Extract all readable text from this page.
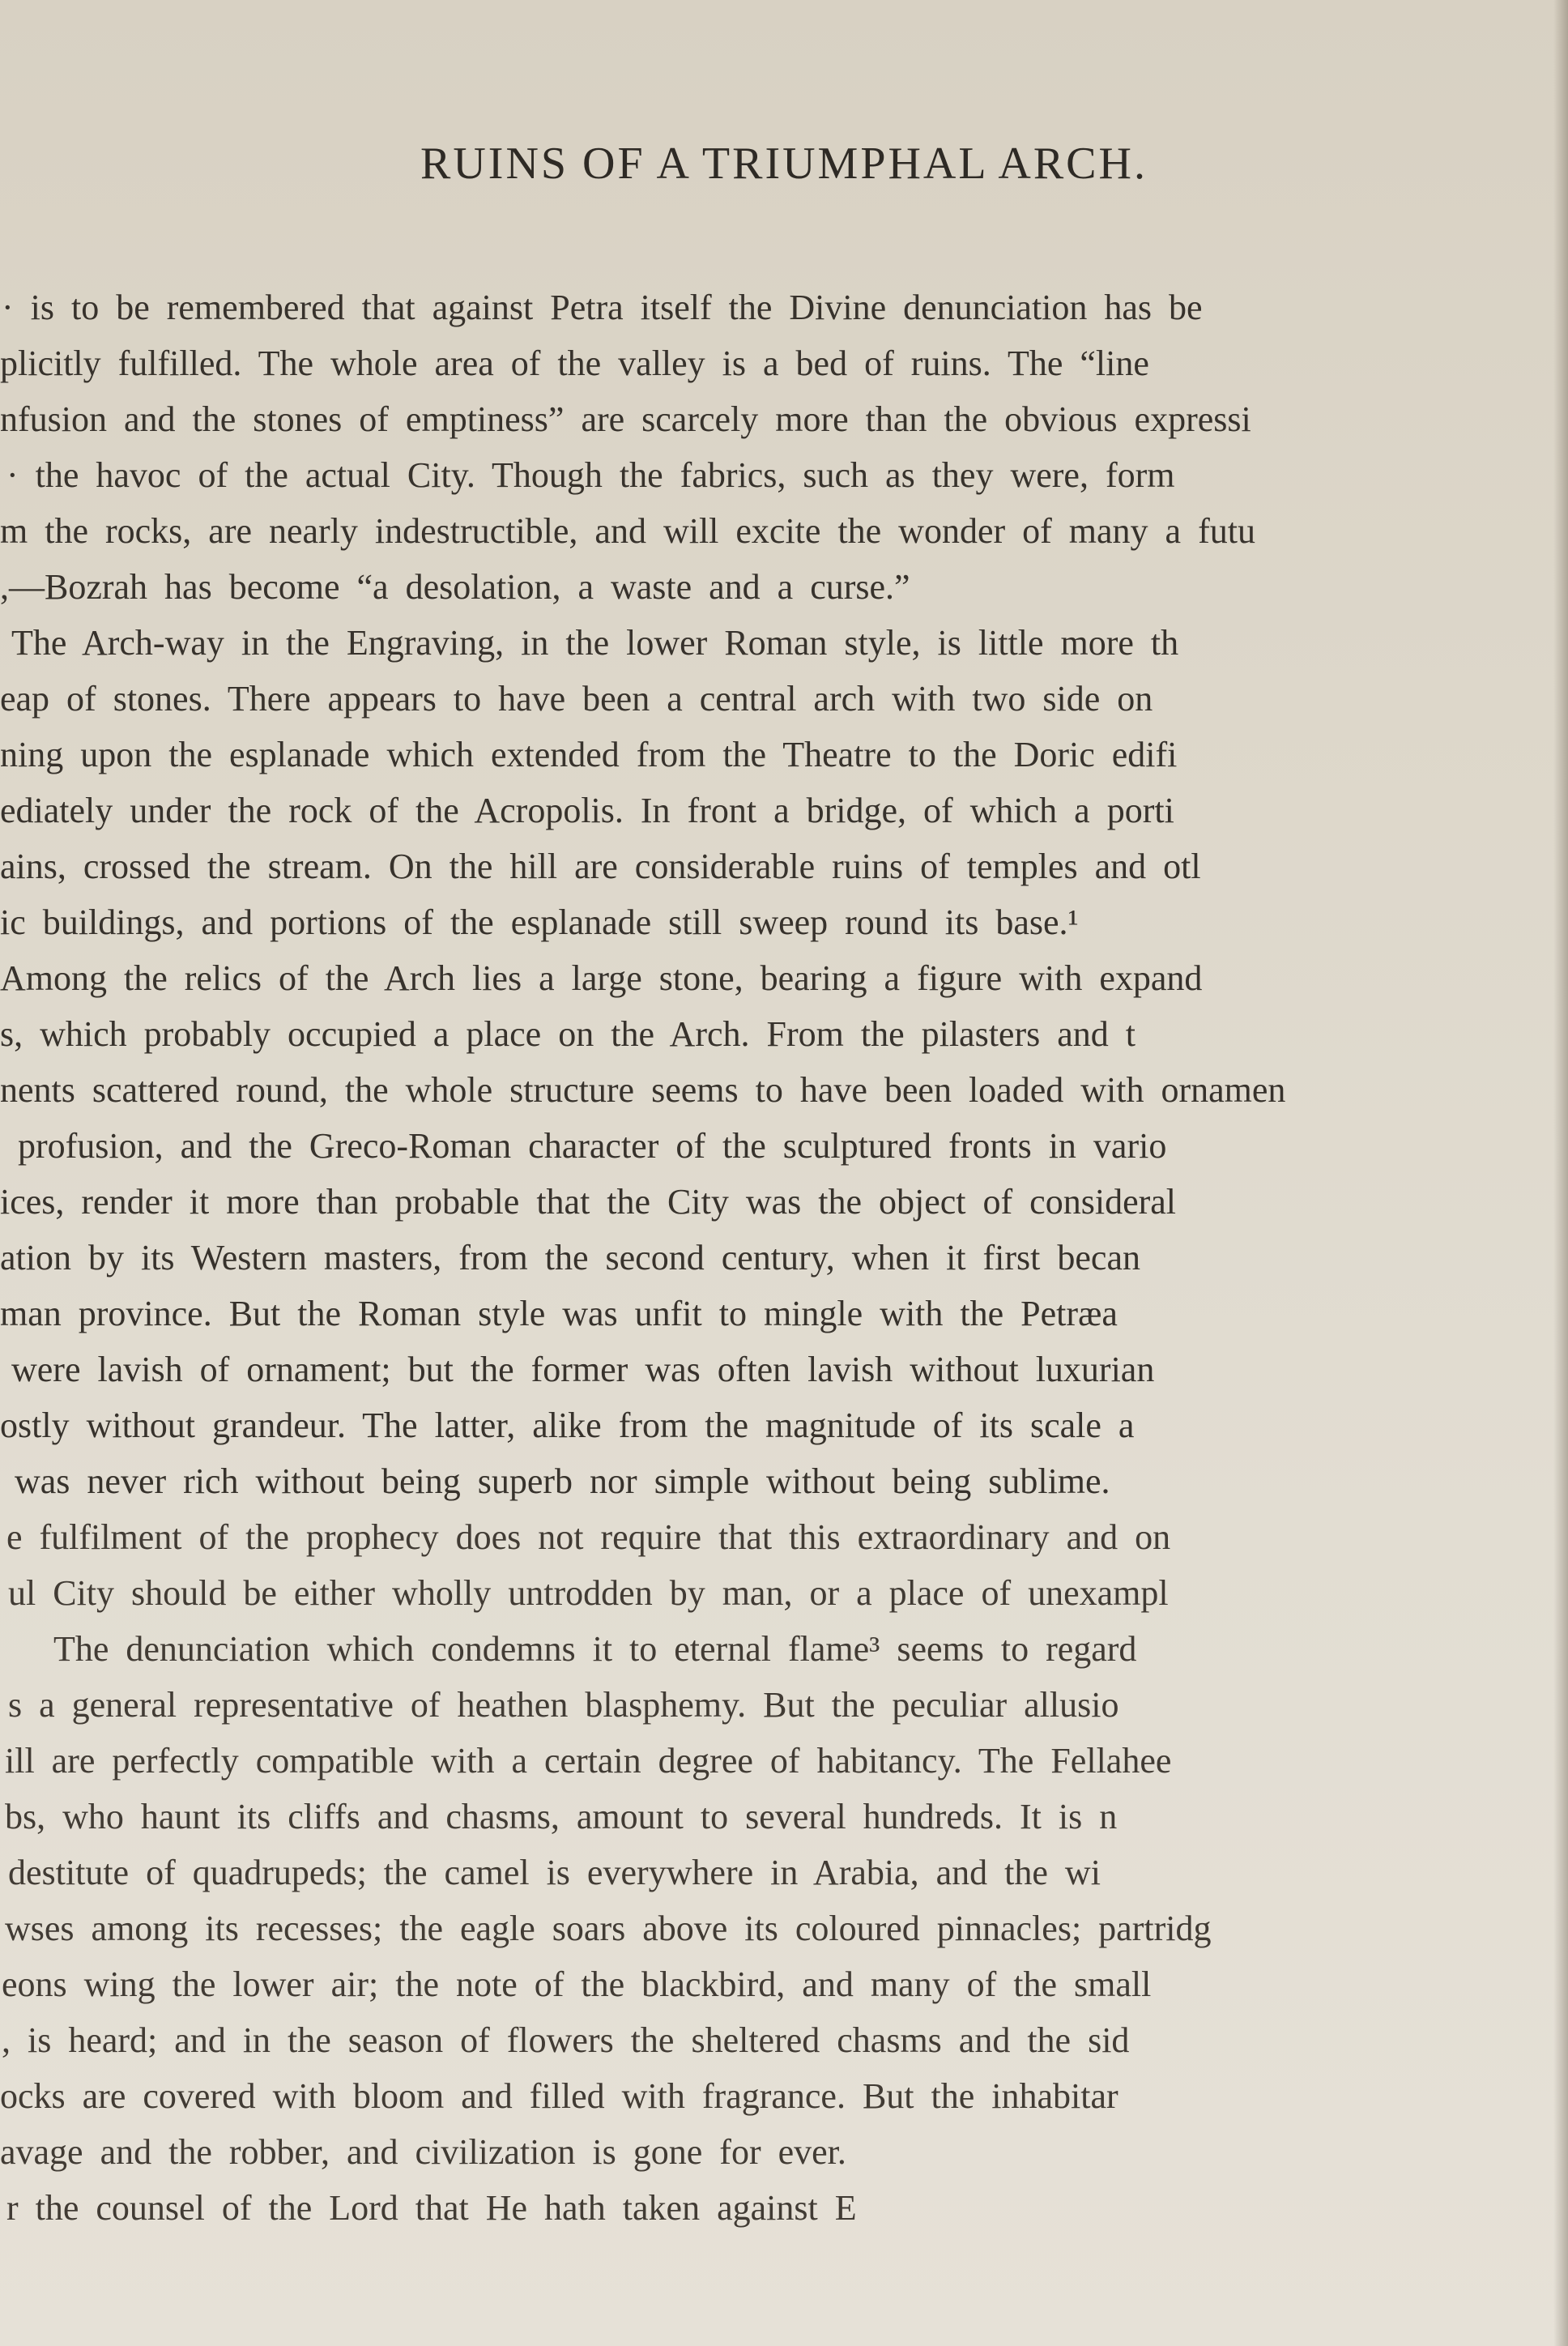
RUINS OF A TRIUMPHAL ARCH.
· is to be remembered that against Petra itself the Divine denunciation has be
plicitly fulfilled. The whole area of the valley is a bed of ruins. The “line
nfusion and the stones of emptiness” are scarcely more than the obvious expressi
· the havoc of the actual City. Though the fabrics, such as they were, form
m the rocks, are nearly indestructible, and will excite the wonder of many a futu
,—Bozrah has become “a desolation, a waste and a curse.”
The Arch-way in the Engraving, in the lower Roman style, is little more th
eap of stones. There appears to have been a central arch with two side on
ning upon the esplanade which extended from the Theatre to the Doric edifi
ediately under the rock of the Acropolis. In front a bridge, of which a porti
ains, crossed the stream. On the hill are considerable ruins of temples and otl
ic buildings, and portions of the esplanade still sweep round its base.¹
Among the relics of the Arch lies a large stone, bearing a figure with expand
s, which probably occupied a place on the Arch. From the pilasters and t
nents scattered round, the whole structure seems to have been loaded with ornamen
profusion, and the Greco-Roman character of the sculptured fronts in vario
ices, render it more than probable that the City was the object of consideral
ation by its Western masters, from the second century, when it first becan
man province. But the Roman style was unfit to mingle with the Petræa
were lavish of ornament; but the former was often lavish without luxurian
ostly without grandeur. The latter, alike from the magnitude of its scale a
was never rich without being superb nor simple without being sublime.
e fulfilment of the prophecy does not require that this extraordinary and on
ul City should be either wholly untrodden by man, or a place of unexampl
The denunciation which condemns it to eternal flame³ seems to regard
s a general representative of heathen blasphemy. But the peculiar allusio
ill are perfectly compatible with a certain degree of habitancy. The Fellahee
bs, who haunt its cliffs and chasms, amount to several hundreds. It is n
destitute of quadrupeds; the camel is everywhere in Arabia, and the wi
wses among its recesses; the eagle soars above its coloured pinnacles; partridg
eons wing the lower air; the note of the blackbird, and many of the small
, is heard; and in the season of flowers the sheltered chasms and the sid
ocks are covered with bloom and filled with fragrance. But the inhabitar
avage and the robber, and civilization is gone for ever.
r the counsel of the Lord that He hath taken against E
